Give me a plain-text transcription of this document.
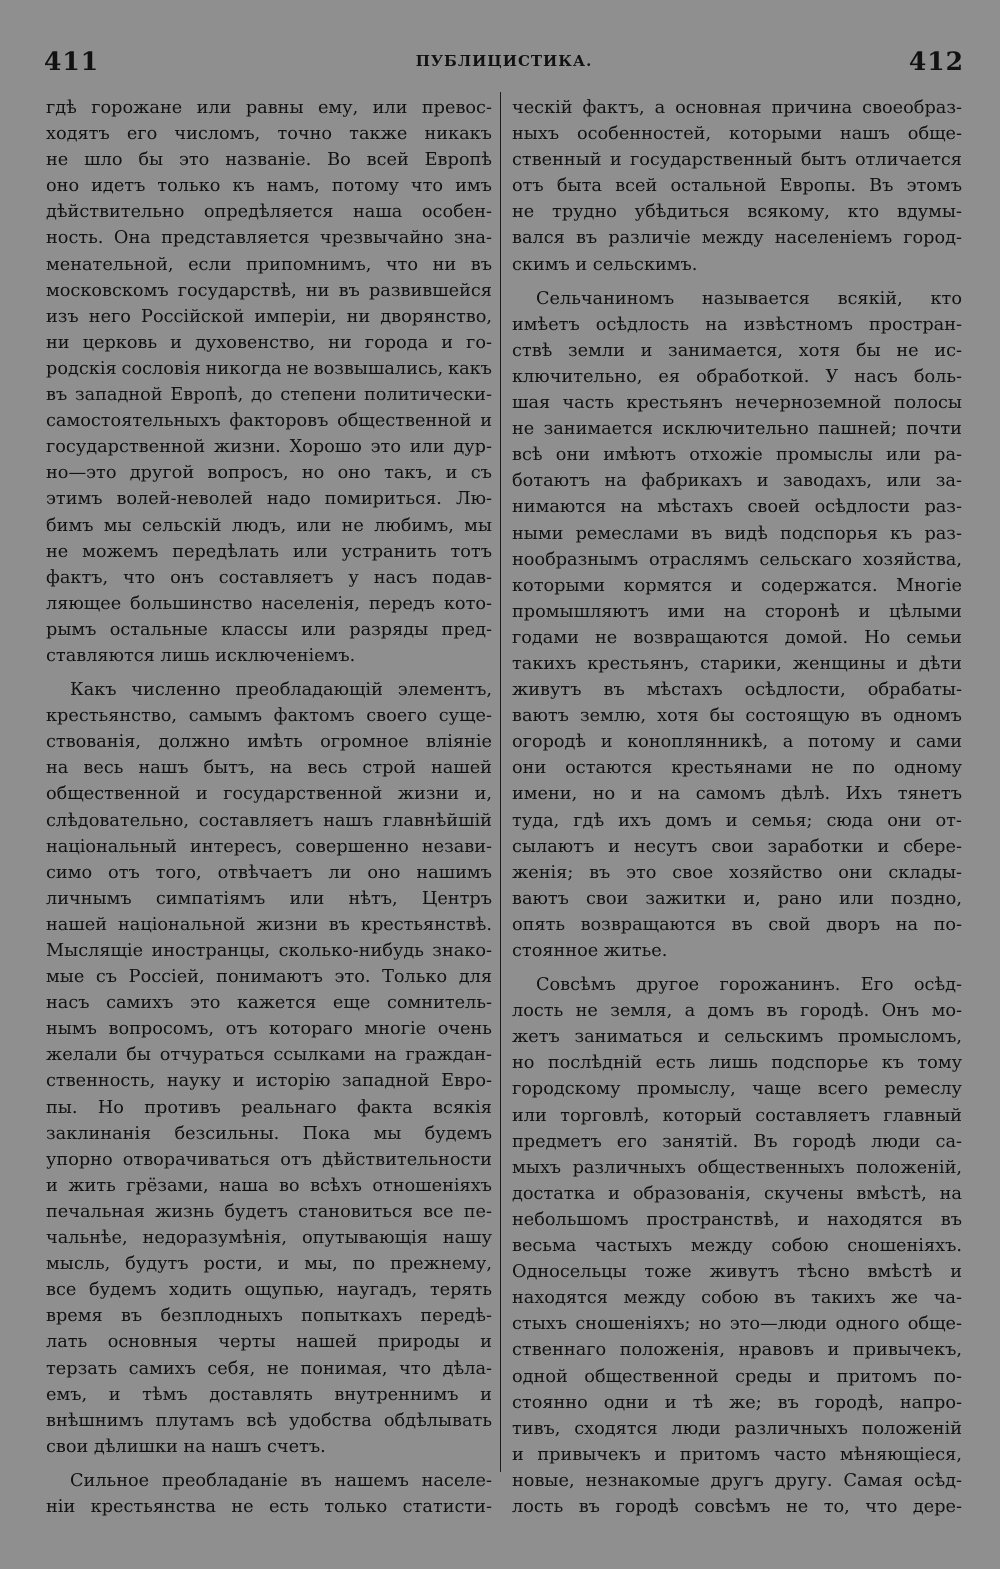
411	ПУБЛИЦИСТИКА.	412
гдѣ горожане или равны ему, или превос-
ходятъ его числомъ, точно также никакъ
не шло бы это названіе. Во всей Европѣ
оно идетъ только къ намъ, потому что имъ
дѣйствительно опредѣляется наша особен-
ность. Она представляется чрезвычайно зна-
менательной, если припомнимъ, что ни въ
московскомъ государствѣ, ни въ развившейся
изъ него Россійской имперіи, ни дворянство,
ни церковь и духовенство, ни города и го-
родскія сословія никогда не возвышались, какъ
въ западной Европѣ, до степени политически-
самостоятельныхъ факторовъ общественной и
государственной жизни. Хорошо это или дур-
но—это другой вопросъ, но оно такъ, и съ
этимъ волей-неволей надо помириться. Лю-
бимъ мы сельскій людъ, или не любимъ, мы
не можемъ передѣлать или устранить тотъ
фактъ, что онъ составляетъ у насъ подав-
ляющее большинство населенія, передъ кото-
рымъ остальные классы или разряды пред-
ставляются лишь исключеніемъ.
Какъ численно преобладающій элементъ,
крестьянство, самымъ фактомъ своего суще-
ствованія, должно имѣть огромное вліяніе
на весь нашъ бытъ, на весь строй нашей
общественной и государственной жизни и,
слѣдовательно, составляетъ нашъ главнѣйшій
національный интересъ, совершенно незави-
симо отъ того, отвѣчаетъ ли оно нашимъ
личнымъ симпатіямъ или нѣтъ, Центръ
нашей національной жизни въ крестьянствѣ.
Мыслящіе иностранцы, сколько-нибудь знако-
мые съ Россіей, понимаютъ это. Только для
насъ самихъ это кажется еще сомнитель-
нымъ вопросомъ, отъ котораго многіе очень
желали бы отчураться ссылками на граждан-
ственность, науку и исторію западной Евро-
пы. Но противъ реальнаго факта всякія
заклинанія безсильны. Пока мы будемъ
упорно отворачиваться отъ дѣйствительности
и жить грёзами, наша во всѣхъ отношеніяхъ
печальная жизнь будетъ становиться все пе-
чальнѣе, недоразумѣнія, опутывающія нашу
мысль, будутъ рости, и мы, по прежнему,
все будемъ ходить ощупью, наугадъ, терять
время въ безплодныхъ попыткахъ передѣ-
лать основныя черты нашей природы и
терзать самихъ себя, не понимая, что дѣла-
емъ, и тѣмъ доставлять внутреннимъ и
внѣшнимъ плутамъ всѣ удобства обдѣлывать
свои дѣлишки на нашъ счетъ.
Сильное преобладаніе въ нашемъ населе-
ніи крестьянства не есть только статисти-
ческій фактъ, а основная причина своеобраз-
ныхъ особенностей, которыми нашъ обще-
ственный и государственный бытъ отличается
отъ быта всей остальной Европы. Въ этомъ
не трудно убѣдиться всякому, кто вдумы-
вался въ различіе между населеніемъ город-
скимъ и сельскимъ.
Сельчаниномъ называется всякій, кто
имѣетъ осѣдлость на извѣстномъ простран-
ствѣ земли и занимается, хотя бы не ис-
ключительно, ея обработкой. У насъ боль-
шая часть крестьянъ нечерноземной полосы
не занимается исключительно пашней; почти
всѣ они имѣютъ отхожіе промыслы или ра-
ботаютъ на фабрикахъ и заводахъ, или за-
нимаются на мѣстахъ своей осѣдлости раз-
ными ремеслами въ видѣ подспорья къ раз-
нообразнымъ отраслямъ сельскаго хозяйства,
которыми кормятся и содержатся. Многіе
промышляютъ ими на сторонѣ и цѣлыми
годами не возвращаются домой. Но семьи
такихъ крестьянъ, старики, женщины и дѣти
живутъ въ мѣстахъ осѣдлости, обрабаты-
ваютъ землю, хотя бы состоящую въ одномъ
огородѣ и коноплянникѣ, а потому и сами
они остаются крестьянами не по одному
имени, но и на самомъ дѣлѣ. Ихъ тянетъ
туда, гдѣ ихъ домъ и семья; сюда они от-
сылаютъ и несутъ свои заработки и сбере-
женія; въ это свое хозяйство они склады-
ваютъ свои зажитки и, рано или поздно,
опять возвращаются въ свой дворъ на по-
стоянное житье.
Совсѣмъ другое горожанинъ. Его осѣд-
лость не земля, а домъ въ городѣ. Онъ мо-
жетъ заниматься и сельскимъ промысломъ,
но послѣдній есть лишь подспорье къ тому
городскому промыслу, чаще всего ремеслу
или торговлѣ, который составляетъ главный
предметъ его занятій. Въ городѣ люди са-
мыхъ различныхъ общественныхъ положеній,
достатка и образованія, скучены вмѣстѣ, на
небольшомъ пространствѣ, и находятся въ
весьма частыхъ между собою сношеніяхъ.
Односельцы тоже живутъ тѣсно вмѣстѣ и
находятся между собою въ такихъ же ча-
стыхъ сношеніяхъ; но это—люди одного обще-
ственнаго положенія, нравовъ и привычекъ,
одной общественной среды и притомъ по-
стоянно одни и тѣ же; въ городѣ, напро-
тивъ, сходятся люди различныхъ положеній
и привычекъ и притомъ часто мѣняющіеся,
новые, незнакомые другъ другу. Самая осѣд-
лость въ городѣ совсѣмъ не то, что дере-
